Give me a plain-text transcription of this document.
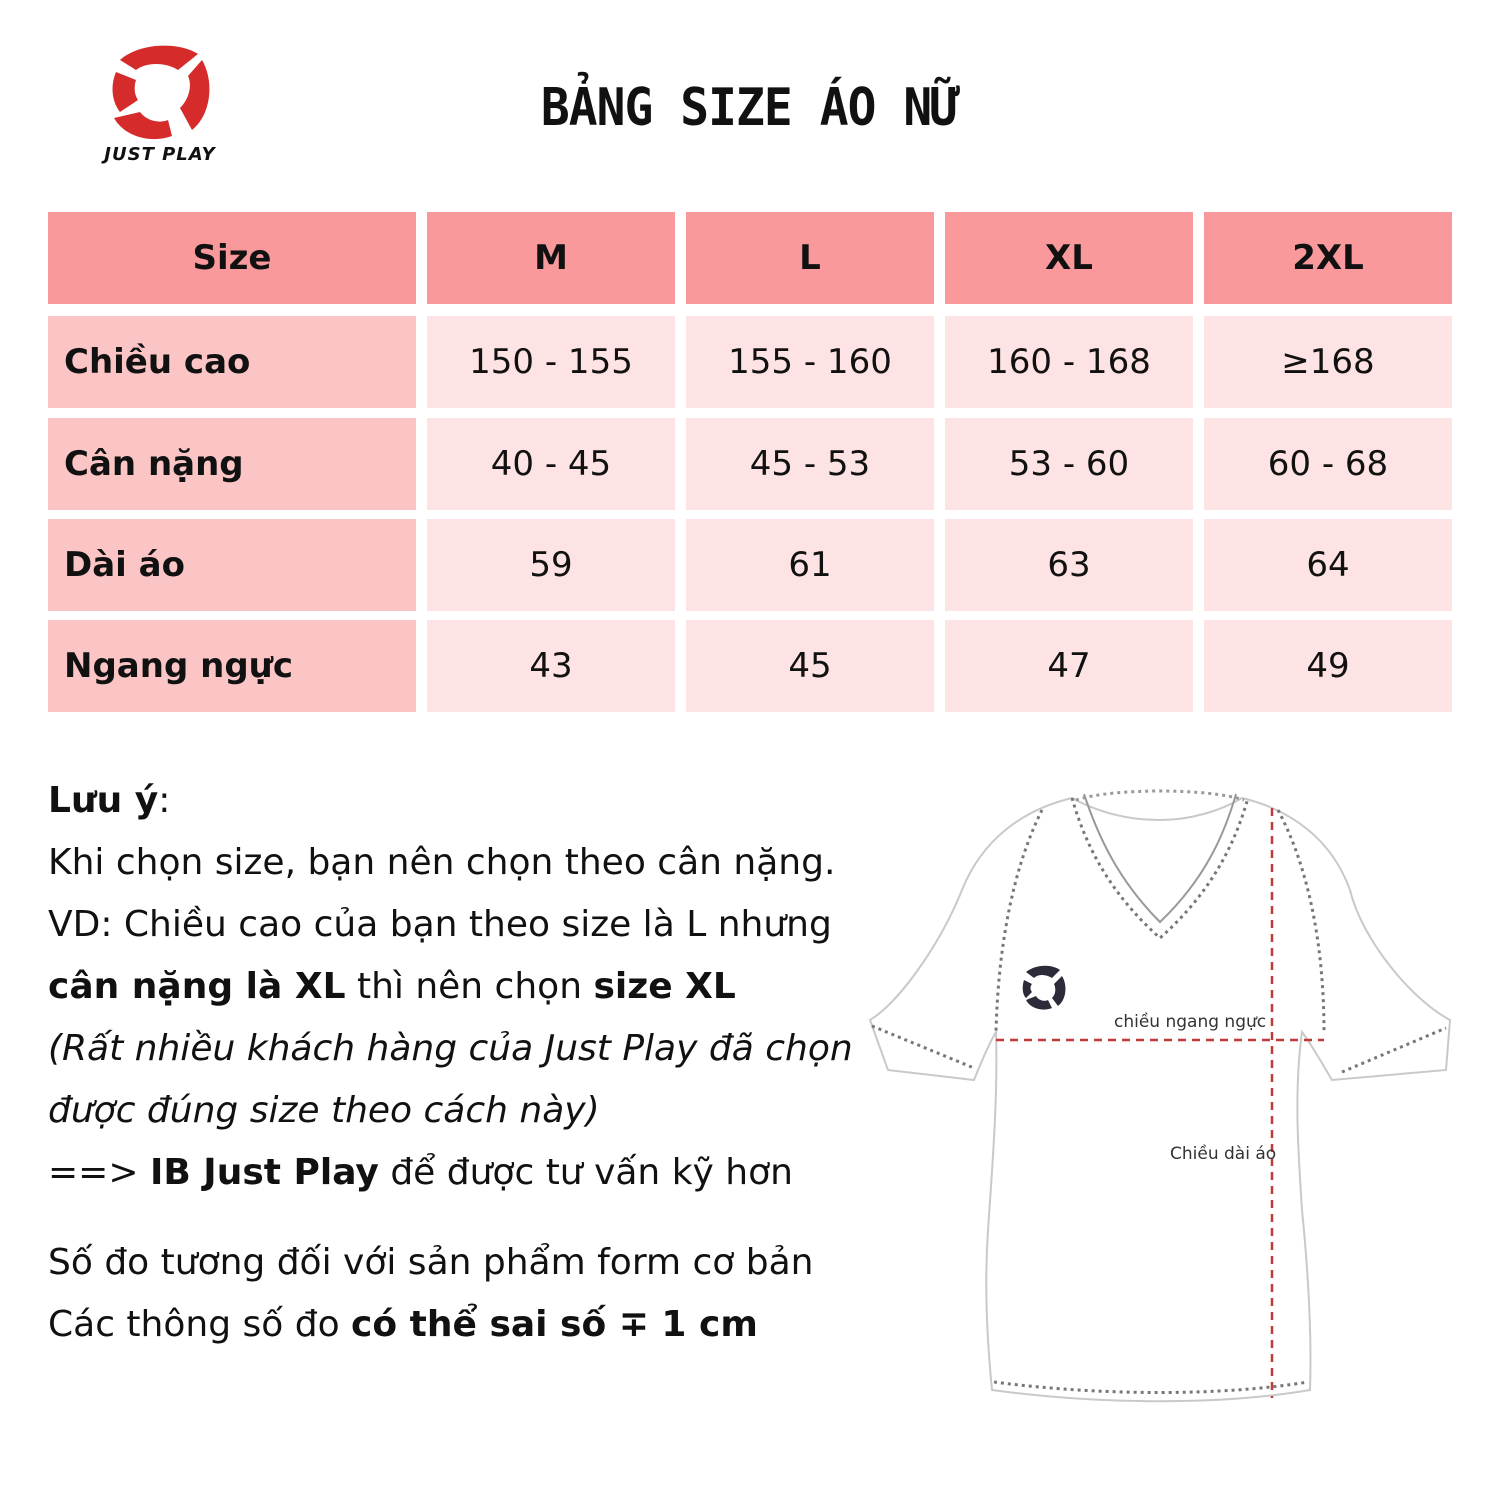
JUST PLAY
BẢNG SIZE ÁO NỮ
Size	M	L	XL	2XL
Chiều cao	150 - 155	155 - 160	160 - 168	≥168
Cân nặng	40 - 45	45 - 53	53 - 60	60 - 68
Dài áo	59	61	63	64
Ngang ngực	43	45	47	49

Lưu ý:

Khi chọn size, bạn nên chọn theo cân nặng.

VD: Chiều cao của bạn theo size là L nhưng

cân nặng là XL thì nên chọn size XL

(Rất nhiều khách hàng của Just Play đã chọn

được đúng size theo cách này)

==> IB Just Play để được tư vấn kỹ hơn

Số đo tương đối với sản phẩm form cơ bản

Các thông số đo có thể sai số ∓ 1 cm

chiều ngang ngực
Chiều dài áo
